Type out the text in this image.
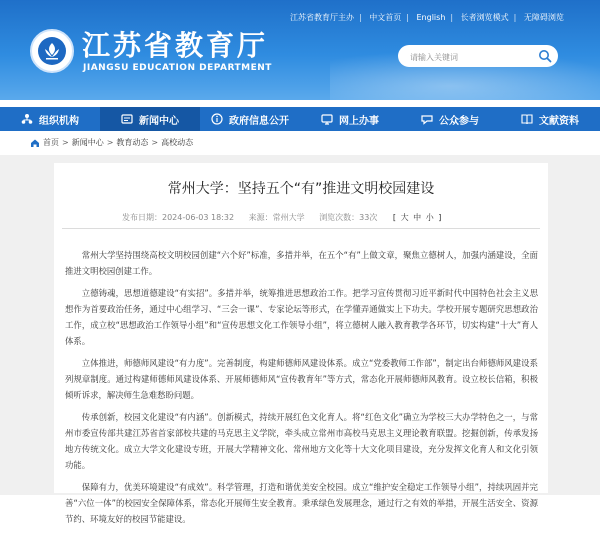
江苏省教育厅主办 | 中文首页 | English | 长者浏览模式 | 无障碍浏览
江苏省教育厅
JIANGSU EDUCATION DEPARTMENT
请输入关键词
组织机构	新闻中心	政府信息公开	网上办事	公众参与	文献资料
首页 > 新闻中心 > 教育动态 > 高校动态
常州大学：坚持五个“有”推进文明校园建设
发布日期：2024-06-03 18:32 来源：常州大学 浏览次数：33次 [ 大 中 小 ]

常州大学坚持围绕高校文明校园创建“六个好”标准，多措并举，在五个“有”上做文章，聚焦立德树人，加强内涵建设，全面推进文明校园创建工作。

立德铸魂，思想道德建设“有实招”。多措并举，统筹推进思想政治工作。把学习宣传贯彻习近平新时代中国特色社会主义思想作为首要政治任务，通过中心组学习、“三会一课”、专家论坛等形式，在学懂弄通做实上下功夫。学校开展专题研究思想政治工作，成立校“思想政治工作领导小组”和“宣传思想文化工作领导小组”，将立德树人融入教育教学各环节，切实构建“十大”育人体系。

立体推进，师德师风建设“有力度”。完善制度，构建师德师风建设体系。成立“党委教师工作部”，制定出台师德师风建设系列规章制度。通过构建师德师风建设体系、开展师德师风“宣传教育年”等方式，常态化开展师德师风教育。设立校长信箱，积极倾听诉求，解决师生急难愁盼问题。

传承创新，校园文化建设“有内涵”。创新模式，持续开展红色文化育人。将“红色文化”确立为学校三大办学特色之一，与常州市委宣传部共建江苏省首家部校共建的马克思主义学院，牵头成立常州市高校马克思主义理论教育联盟。挖掘创新，传承发扬地方传统文化。成立大学文化建设专班，开展大学精神文化、常州地方文化等十大文化项目建设，充分发挥文化育人和文化引领功能。

保障有力，优美环境建设“有成效”。科学管理，打造和谐优美安全校园。成立“维护安全稳定工作领导小组”，持续巩固并完善“六位一体”的校园安全保障体系，常态化开展师生安全教育。秉承绿色发展理念，通过行之有效的举措，开展生活安全、资源节约、环境友好的校园节能建设。
